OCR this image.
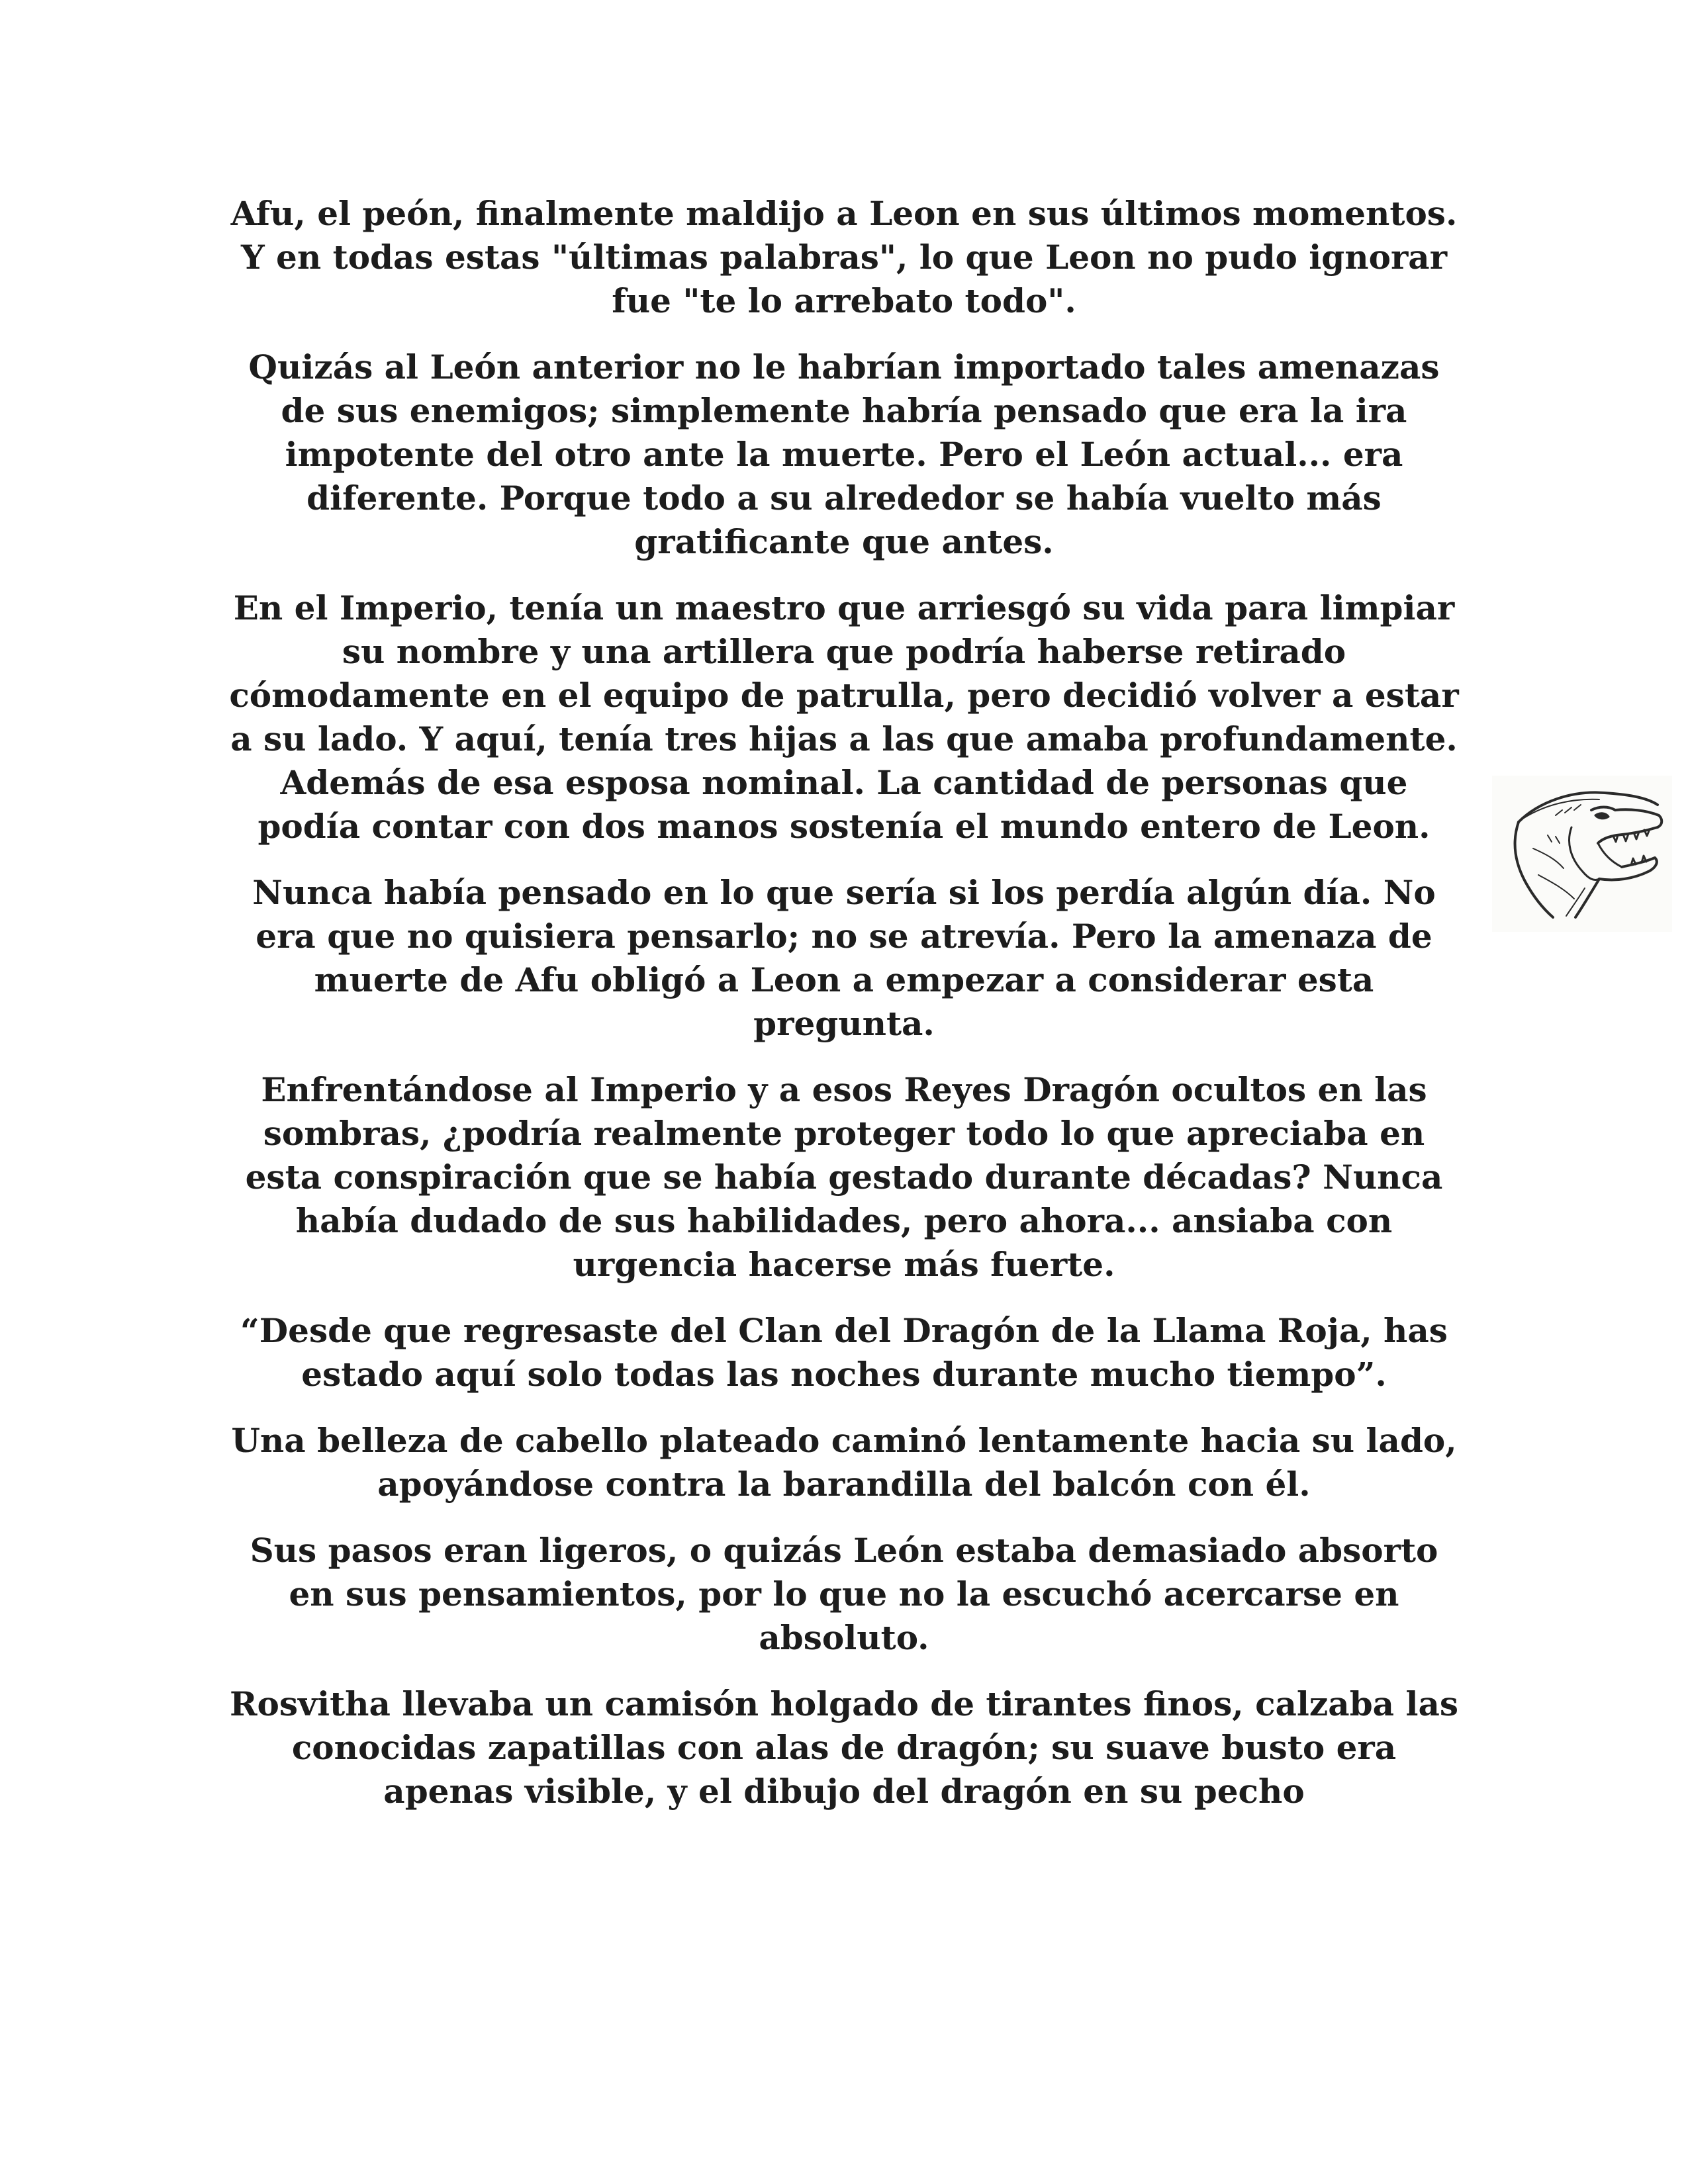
Afu, el peón, finalmente maldijo a Leon en sus últimos momentos. Y en todas estas "últimas palabras", lo que Leon no pudo ignorar fue "te lo arrebato todo".

Quizás al León anterior no le habrían importado tales amenazas de sus enemigos; simplemente habría pensado que era la ira impotente del otro ante la muerte. Pero el León actual... era diferente. Porque todo a su alrededor se había vuelto más gratificante que antes.

En el Imperio, tenía un maestro que arriesgó su vida para limpiar su nombre y una artillera que podría haberse retirado cómodamente en el equipo de patrulla, pero decidió volver a estar a su lado. Y aquí, tenía tres hijas a las que amaba profundamente. Además de esa esposa nominal. La cantidad de personas que podía contar con dos manos sostenía el mundo entero de Leon.

Nunca había pensado en lo que sería si los perdía algún día. No era que no quisiera pensarlo; no se atrevía. Pero la amenaza de muerte de Afu obligó a Leon a empezar a considerar esta pregunta.

Enfrentándose al Imperio y a esos Reyes Dragón ocultos en las sombras, ¿podría realmente proteger todo lo que apreciaba en esta conspiración que se había gestado durante décadas? Nunca había dudado de sus habilidades, pero ahora... ansiaba con urgencia hacerse más fuerte.

“Desde que regresaste del Clan del Dragón de la Llama Roja, has estado aquí solo todas las noches durante mucho tiempo”.

Una belleza de cabello plateado caminó lentamente hacia su lado, apoyándose contra la barandilla del balcón con él.

Sus pasos eran ligeros, o quizás León estaba demasiado absorto en sus pensamientos, por lo que no la escuchó acercarse en absoluto.

Rosvitha llevaba un camisón holgado de tirantes finos, calzaba las conocidas zapatillas con alas de dragón; su suave busto era apenas visible, y el dibujo del dragón en su pecho
